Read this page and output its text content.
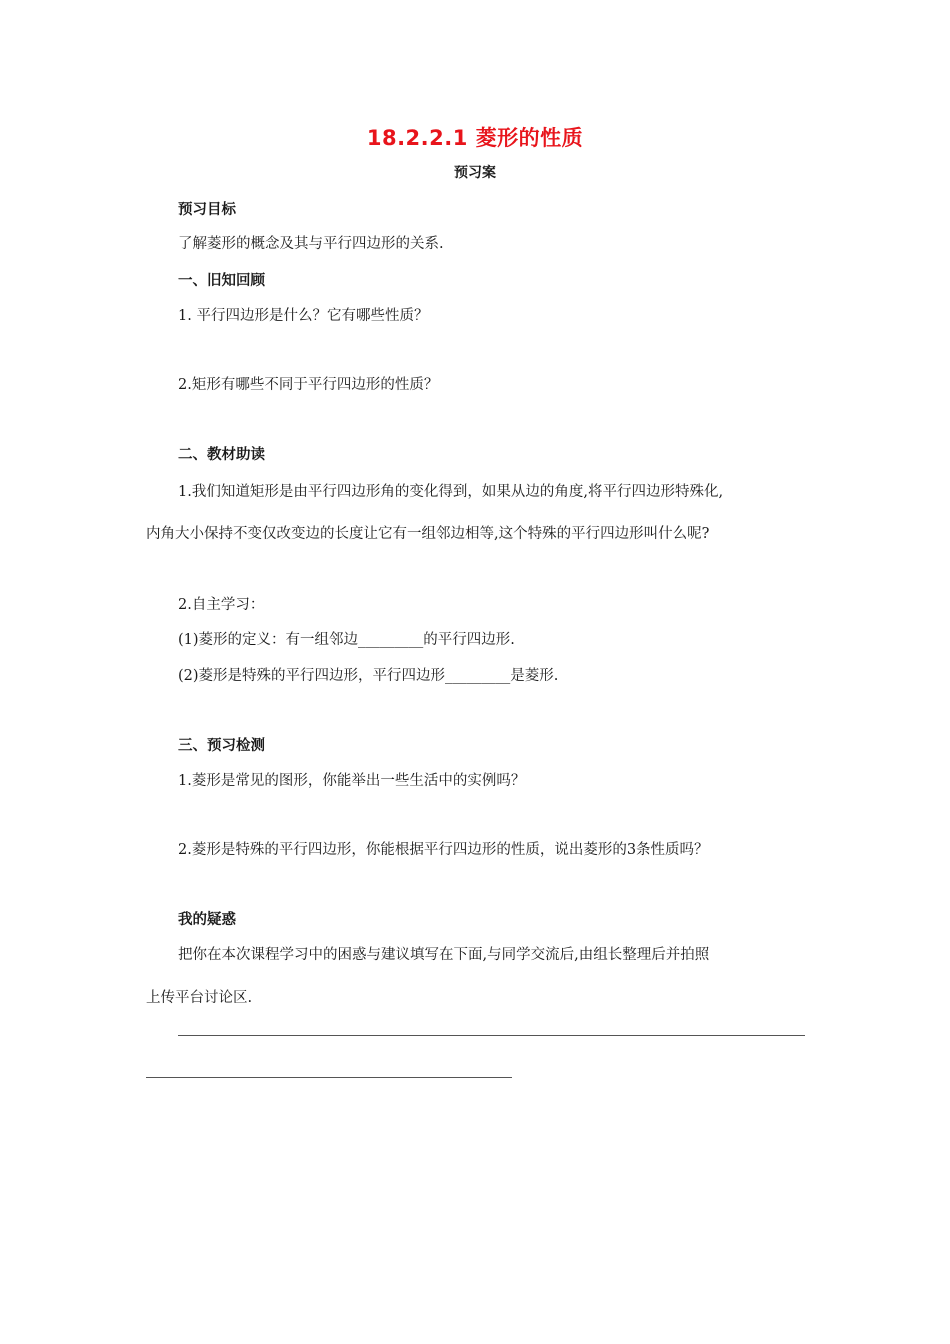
18.2.2.1 菱形的性质
预习案
预习目标
了解菱形的概念及其与平行四边形的关系.
一、旧知回顾
1. 平行四边形是什么？它有哪些性质？
2.矩形有哪些不同于平行四边形的性质？
二、教材助读
1.我们知道矩形是由平行四边形角的变化得到，如果从边的角度,将平行四边形特殊化,
内角大小保持不变仅改变边的长度让它有一组邻边相等,这个特殊的平行四边形叫什么呢?
2.自主学习：
(1)菱形的定义：有一组邻边_________的平行四边形.
(2)菱形是特殊的平行四边形，平行四边形_________是菱形.
三、预习检测
1.菱形是常见的图形，你能举出一些生活中的实例吗？
2.菱形是特殊的平行四边形，你能根据平行四边形的性质，说出菱形的3条性质吗？
我的疑惑
把你在本次课程学习中的困惑与建议填写在下面,与同学交流后,由组长整理后并拍照
上传平台讨论区.
